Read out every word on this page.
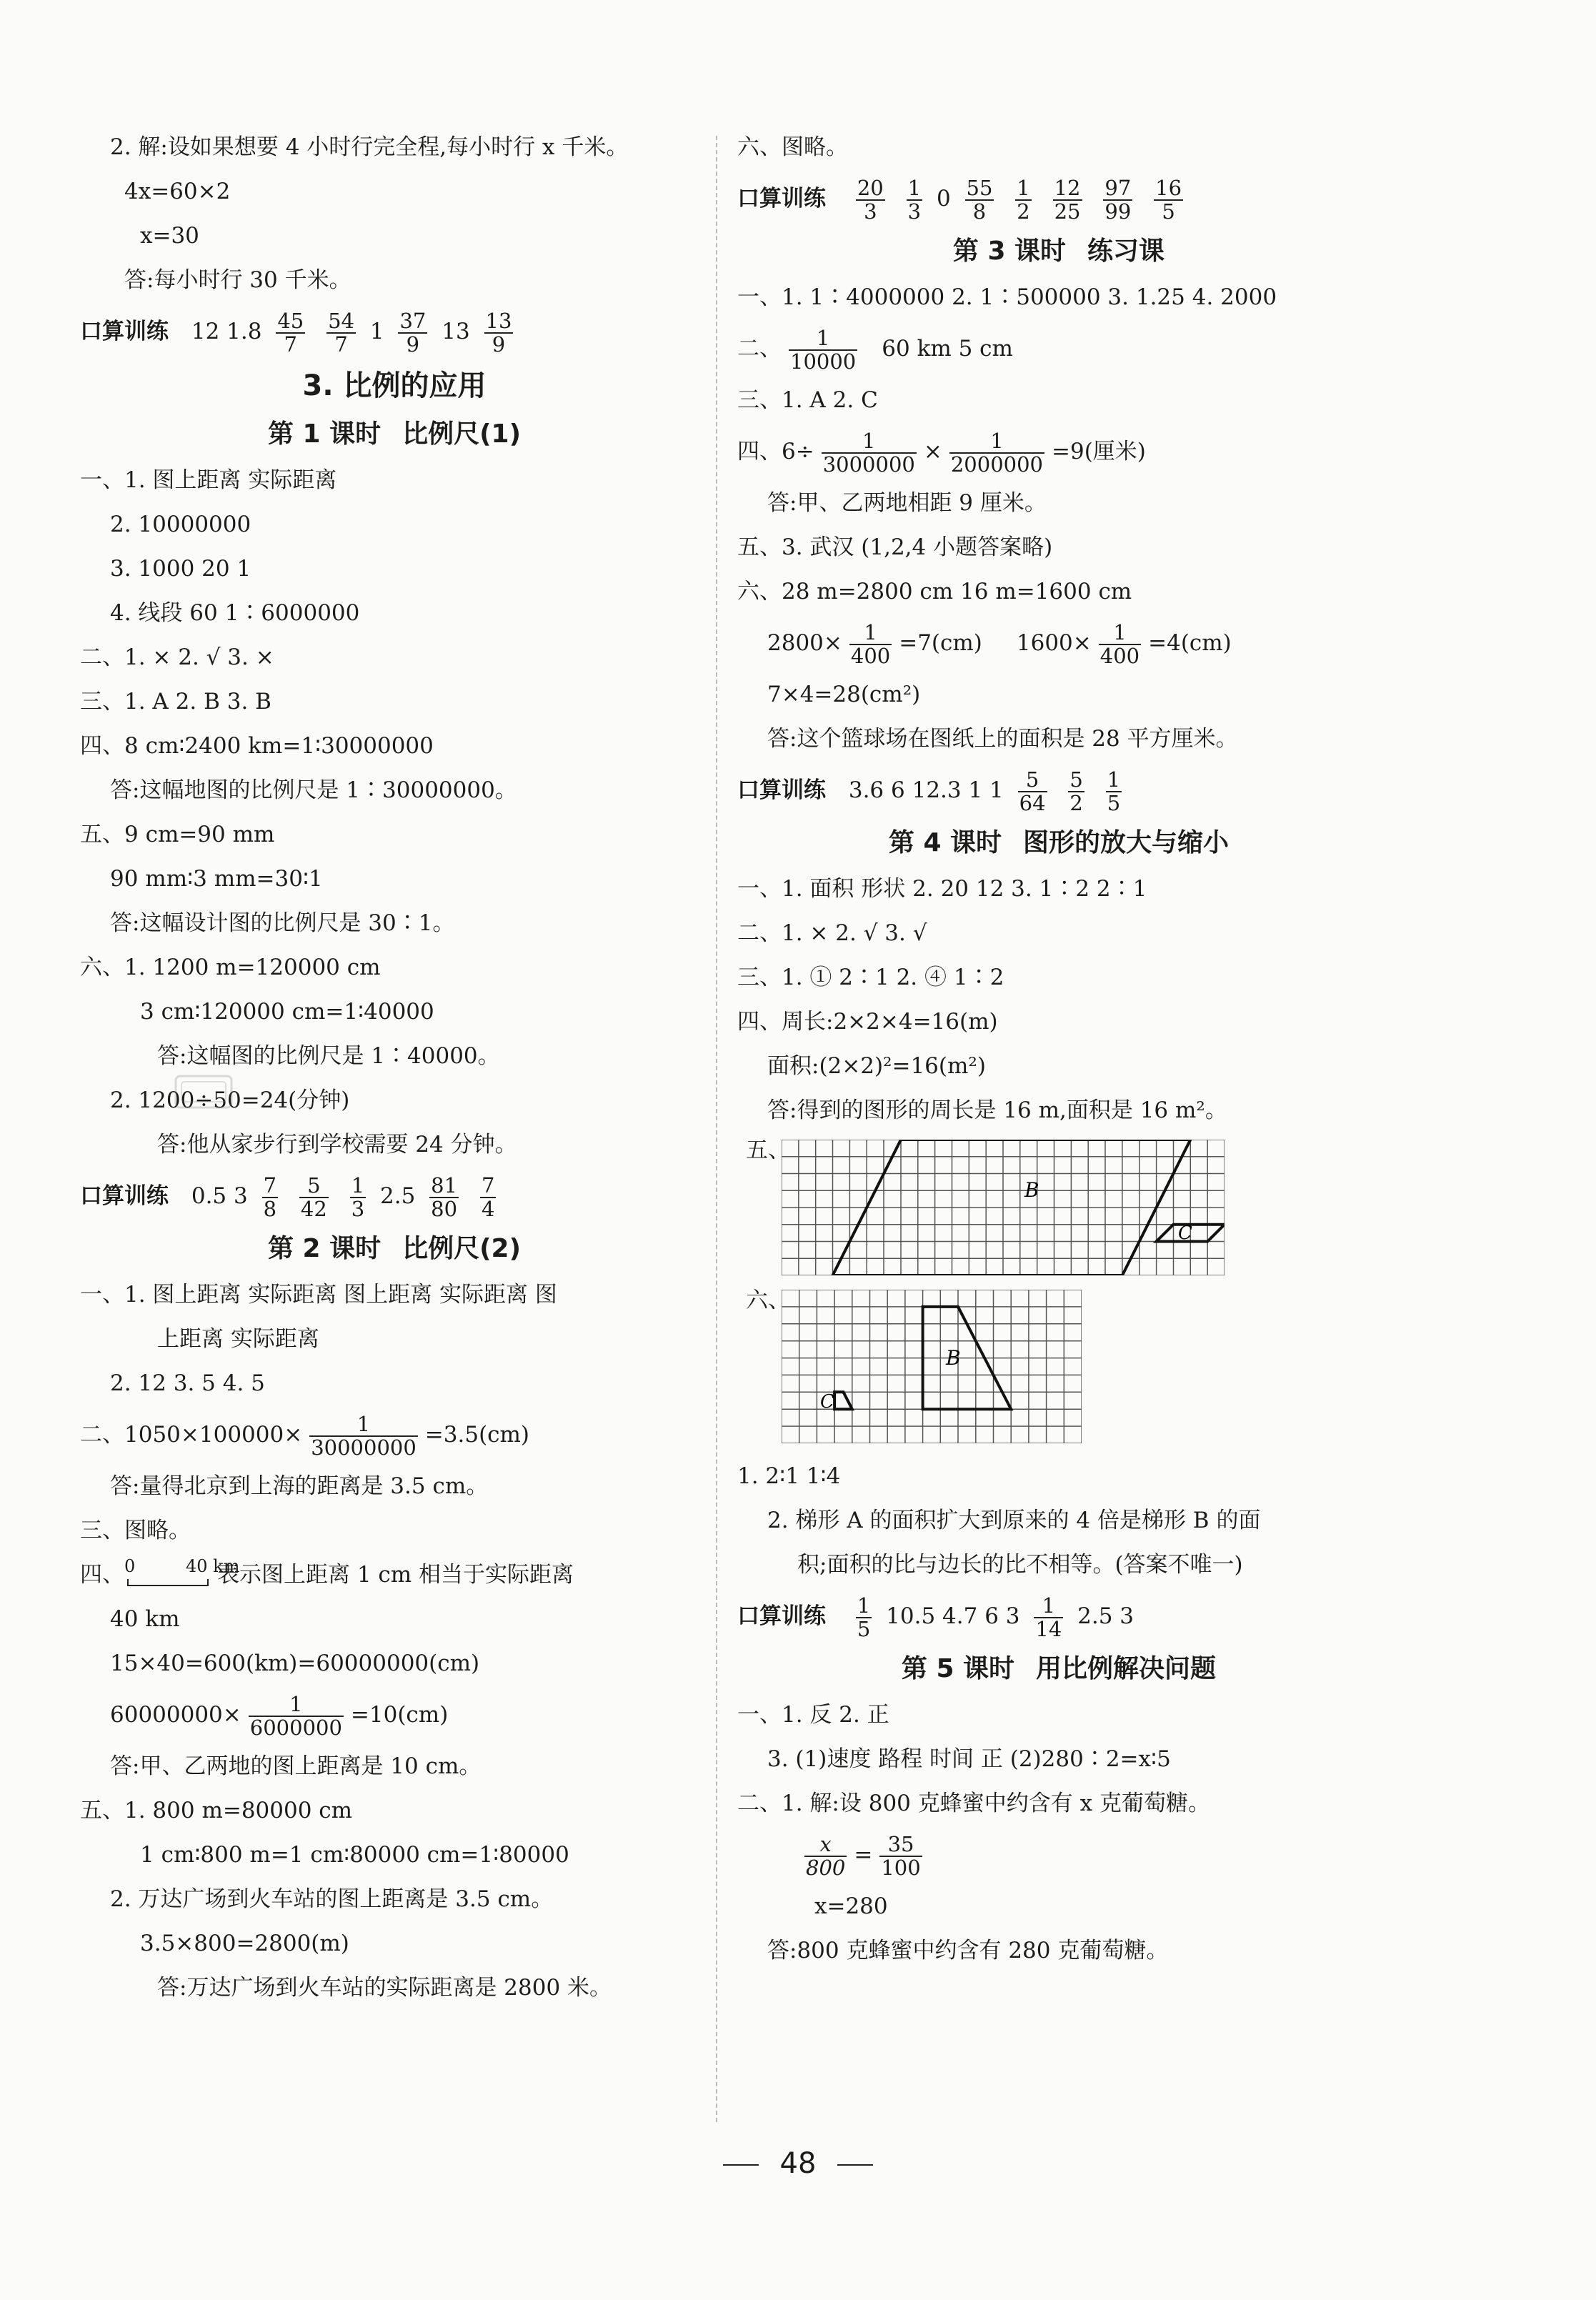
2. 解:设如果想要 4 小时行完全程,每小时行 x 千米。
4x=60×2
x=30
答:每小时行 30 千米。
口算训练 12 $1.8 \frac{45}{7}$
$\frac{54}{7} 1 \frac{37}{9} 13 \frac{13}{9}$
3. 比例的应用
第 1 课时 比例尺(1)
一、1. 图上距离 实际距离
2. 10000000
3. 1000 20 1
4. 线段 60 1∶6000000
二、1. × 2. √ 3. ×
三、1. A 2. B 3. B
四、8 cm∶2400 km=1∶30000000
答:这幅地图的比例尺是 1∶30000000。
五、9 cm=90 mm
90 mm∶3 mm=30∶1
答:这幅设计图的比例尺是 30∶1。
六、1. 1200 m=120000 cm
3 cm∶120000 cm=1∶40000
答:这幅图的比例尺是 1∶40000。
2. 1200÷50=24(分钟)
答:他从家步行到学校需要 24 分钟。
口算训练 0.5 $3 \frac{7}{8}$
$\frac{5}{42}$
$\frac{1}{3} 2.5 \frac{81}{80}$
$\frac{7}{4}$
第 2 课时 比例尺(2)
一、1. 图上距离 实际距离 图上距离 实际距离 图
上距离 实际距离
2. 12 3. 5 4. 5
二、$1050\times 100000\times \frac{1}{30000000} =3.5(cm)$
答:量得北京到上海的距离是 3.5 cm。
三、图略。
四、 0	40 km
表示图上距离 1 cm 相当于实际距离
40 km
15×40=600(km)=60000000(cm)
$60000000\times \frac{1}{6000000} =10(cm)$
答:甲、乙两地的图上距离是 10 cm。
五、1. 800 m=80000 cm
1 cm∶800 m=1 cm∶80000 cm=1∶80000
2. 万达广场到火车站的图上距离是 3.5 cm。
3.5×800=2800(m)
答:万达广场到火车站的实际距离是 2800 米。
六、图略。
口算训练 $\frac{20}{3}$
$\frac{1}{3} 0 \frac{55}{8}$
$\frac{1}{2}$
$\frac{12}{25}$
$\frac{97}{99}$
$\frac{16}{5}$
第 3 课时 练习课
一、1. 1∶4000000 2. 1∶500000 3. 1.25 4. 2000
二、 $\frac{1}{10000} 60$ km 5 cm
三、1. A 2. C
四、$6\div \frac{1}{3000000} \times \frac{1}{2000000} =9$(厘米)
答:甲、乙两地相距 9 厘米。
五、3. 武汉 (1,2,4 小题答案略)
六、28 m=2800 cm 16 m=1600 cm
$2800\times \frac{1}{400} =7(cm)$ $1600\times \frac{1}{400} =4(cm)$
7×4=28(cm²)
答:这个篮球场在图纸上的面积是 28 平方厘米。
口算训练 3.6 6 12.3 1 $1 \frac{5}{64}$
$\frac{5}{2}$
$\frac{1}{5}$
第 4 课时 图形的放大与缩小
一、1. 面积 形状 2. 20 12 3. 1∶2 2∶1
二、1. × 2. √ 3. √
三、1. ① 2∶1 2. ④ 1∶2
四、周长:2×2×4=16(m)
面积:(2×2)²=16(m²)
答:得到的图形的周长是 16 m,面积是 16 m²。
五、
B
C
六、
B
C
1. 2∶1 1∶4
2. 梯形 A 的面积扩大到原来的 4 倍是梯形 B 的面
积;面积的比与边长的比不相等。(答案不唯一)
口算训练 $\frac{1}{5} 10.5$ 4.7 6 $3 \frac{1}{14} 2.5$ 3
第 5 课时 用比例解决问题
一、1. 反 2. 正
3. (1)速度 路程 时间 正 (2)280∶2=x∶5
二、1. 解:设 800 克蜂蜜中约含有 x 克葡萄糖。
$\frac{x}{800} = \frac{35}{100}$
x=280
答:800 克蜂蜜中约含有 280 克葡萄糖。
48
